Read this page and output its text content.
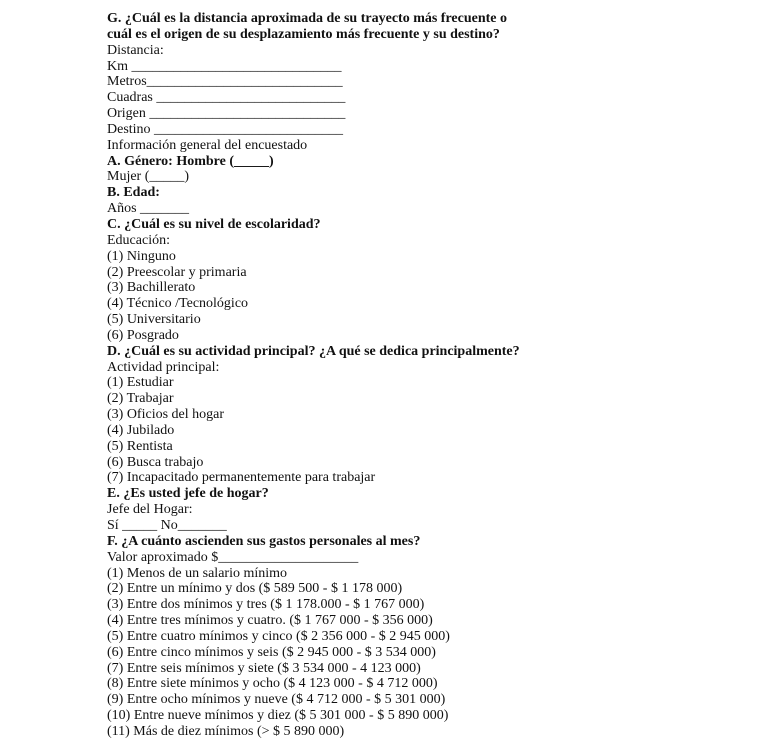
G. ¿Cuál es la distancia aproximada de su trayecto más frecuente o
cuál es el origen de su desplazamiento más frecuente y su destino?
Distancia:
Km ______________________________
Metros____________________________
Cuadras ___________________________
Origen ____________________________
Destino ___________________________
Información general del encuestado
A. Género: Hombre (_____)
Mujer (_____)
B. Edad:
Años _______
C. ¿Cuál es su nivel de escolaridad?
Educación:
(1) Ninguno
(2) Preescolar y primaria
(3) Bachillerato
(4) Técnico /Tecnológico
(5) Universitario
(6) Posgrado
D. ¿Cuál es su actividad principal? ¿A qué se dedica principalmente?
Actividad principal:
(1) Estudiar
(2) Trabajar
(3) Oficios del hogar
(4) Jubilado
(5) Rentista
(6) Busca trabajo
(7) Incapacitado permanentemente para trabajar
E. ¿Es usted jefe de hogar?
Jefe del Hogar:
Sí _____ No_______
F. ¿A cuánto ascienden sus gastos personales al mes?
Valor aproximado $____________________
(1) Menos de un salario mínimo
(2) Entre un mínimo y dos ($ 589 500 - $ 1 178 000)
(3) Entre dos mínimos y tres ($ 1 178.000 - $ 1 767 000)
(4) Entre tres mínimos y cuatro. ($ 1 767 000 - $ 356 000)
(5) Entre cuatro mínimos y cinco ($ 2 356 000 - $ 2 945 000)
(6) Entre cinco mínimos y seis ($ 2 945 000 - $ 3 534 000)
(7) Entre seis mínimos y siete ($ 3 534 000 - 4 123 000)
(8) Entre siete mínimos y ocho ($ 4 123 000 - $ 4 712 000)
(9) Entre ocho mínimos y nueve ($ 4 712 000 - $ 5 301 000)
(10) Entre nueve mínimos y diez ($ 5 301 000 - $ 5 890 000)
(11) Más de diez mínimos (> $ 5 890 000)
